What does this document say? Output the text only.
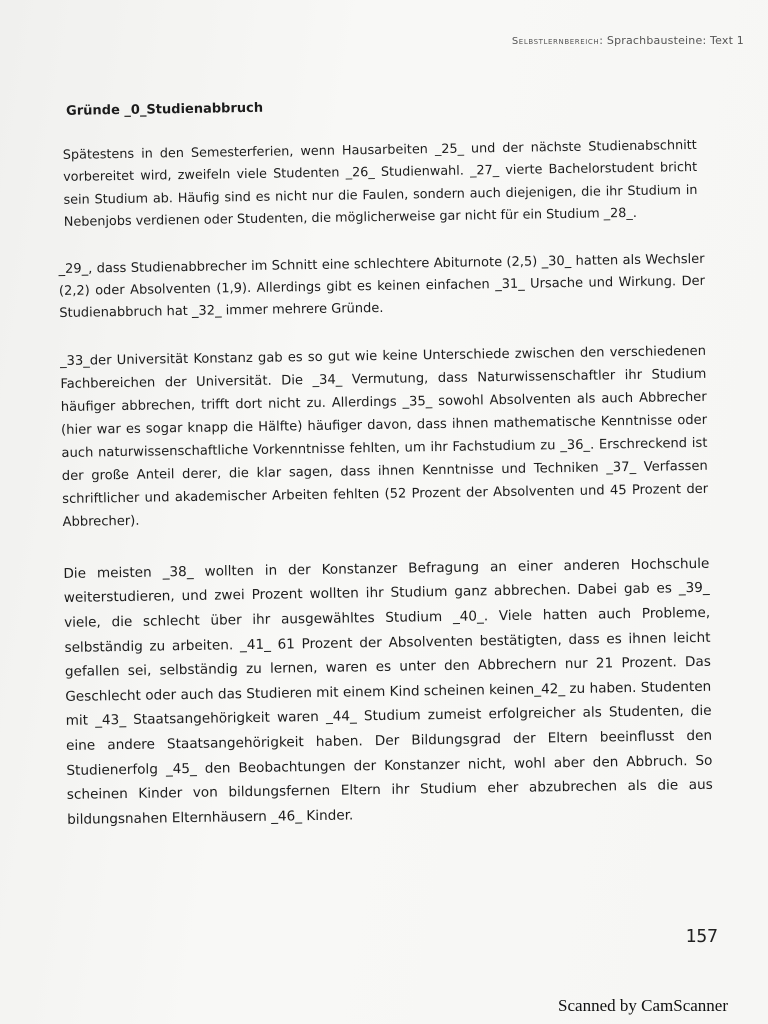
Selbstlernbereich: Sprachbausteine: Text 1
Gründe _0_Studienabbruch

Spätestens in den Semesterferien, wenn Hausarbeiten _25_ und der nächste Studienabschnitt vorbereitet wird, zweifeln viele Studenten _26_ Studienwahl. _27_ vierte Bachelorstudent bricht sein Studium ab. Häufig sind es nicht nur die Faulen, sondern auch diejenigen, die ihr Studium in Nebenjobs verdienen oder Studenten, die möglicherweise gar nicht für ein Studium _28_.

_29_, dass Studienabbrecher im Schnitt eine schlechtere Abiturnote (2,5) _30_ hatten als Wechsler (2,2) oder Absolventen (1,9). Allerdings gibt es keinen einfachen _31_ Ursache und Wirkung. Der Studienabbruch hat _32_ immer mehrere Gründe.

_33_der Universität Konstanz gab es so gut wie keine Unterschiede zwischen den verschiedenen Fachbereichen der Universität. Die _34_ Vermutung, dass Naturwissenschaftler ihr Studium häufiger abbrechen, trifft dort nicht zu. Allerdings _35_ sowohl Absolventen als auch Abbrecher (hier war es sogar knapp die Hälfte) häufiger davon, dass ihnen mathematische Kenntnisse oder auch naturwissenschaftliche Vorkenntnisse fehlten, um ihr Fachstudium zu _36_. Erschreckend ist der große Anteil derer, die klar sagen, dass ihnen Kenntnisse und Techniken _37_ Verfassen schriftlicher und akademischer Arbeiten fehlten (52 Prozent der Absolventen und 45 Prozent der Abbrecher).

Die meisten _38_ wollten in der Konstanzer Befragung an einer anderen Hochschule weiterstudieren, und zwei Prozent wollten ihr Studium ganz abbrechen. Dabei gab es _39_ viele, die schlecht über ihr ausgewähltes Studium _40_. Viele hatten auch Probleme, selbständig zu arbeiten. _41_ 61 Prozent der Absolventen bestätigten, dass es ihnen leicht gefallen sei, selbständig zu lernen, waren es unter den Abbrechern nur 21 Prozent. Das Geschlecht oder auch das Studieren mit einem Kind scheinen keinen_42_ zu haben. Studenten mit _43_ Staatsangehörigkeit waren _44_ Studium zumeist erfolgreicher als Studenten, die eine andere Staatsangehörigkeit haben. Der Bildungsgrad der Eltern beeinflusst den Studienerfolg _45_ den Beobachtungen der Konstanzer nicht, wohl aber den Abbruch. So scheinen Kinder von bildungsfernen Eltern ihr Studium eher abzubrechen als die aus bildungsnahen Elternhäusern _46_ Kinder.

157
Scanned by CamScanner
